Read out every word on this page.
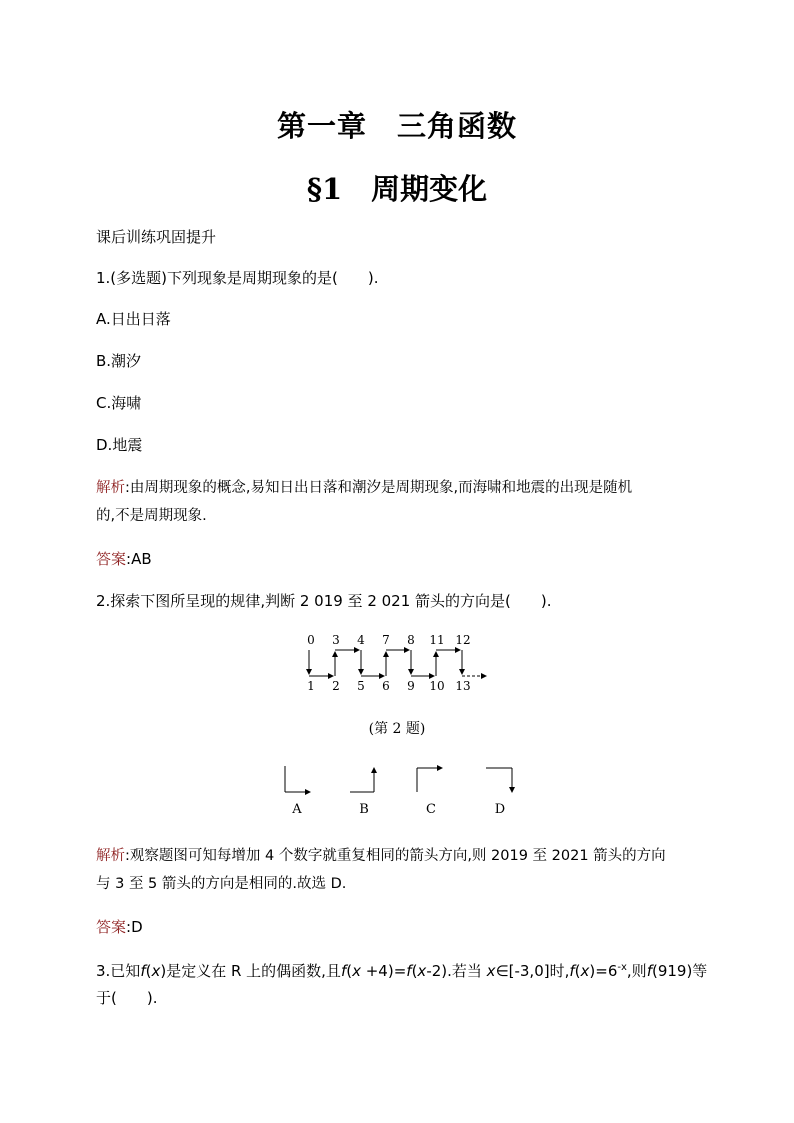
第一章　三角函数
§1　周期变化
课后训练巩固提升
1.(多选题)下列现象是周期现象的是(　　).
A.日出日落
B.潮汐
C.海啸
D.地震
解析:由周期现象的概念,易知日出日落和潮汐是周期现象,而海啸和地震的出现是随机
的,不是周期现象.
答案:AB
2.探索下图所呈现的规律,判断 2 019 至 2 021 箭头的方向是(　　).
0 3 4 7 8 11 12
1 2 5 6 9 10 13
(第 2 题)
A	B	C	D
解析:观察题图可知每增加 4 个数字就重复相同的箭头方向,则 2019 至 2021 箭头的方向
与 3 至 5 箭头的方向是相同的.故选 D.
答案:D
3.已知f(x)是定义在 R 上的偶函数,且f(x +4)=f(x-2).若当 x∈[-3,0]时$,f(x)=6^{-x}$,则f(919)等
于(　　).
